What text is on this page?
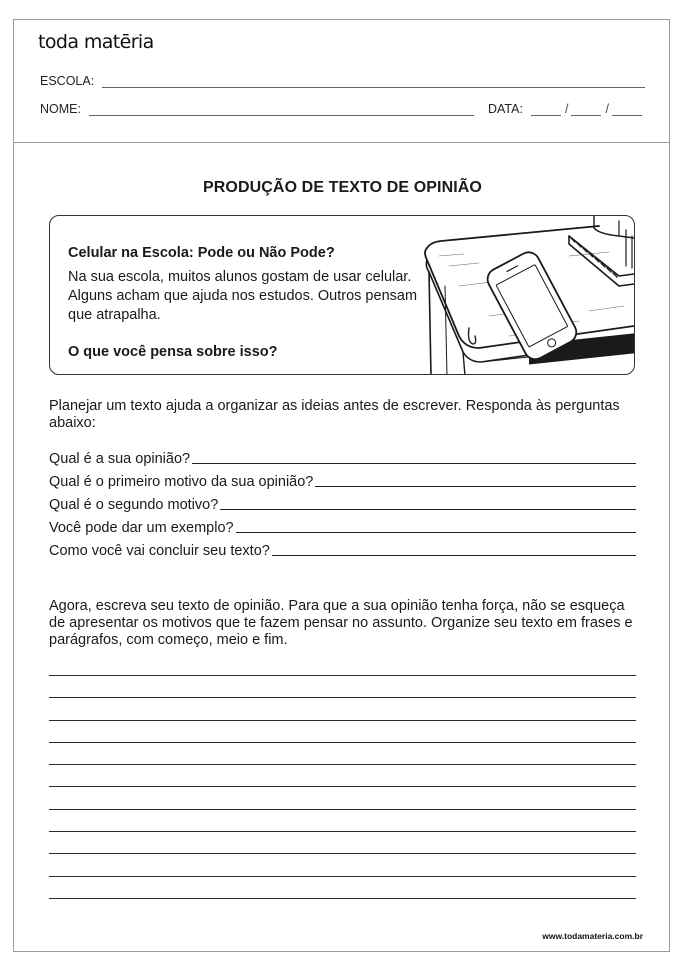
toda matēria
ESCOLA:
NOME:	DATA:	/	/
PRODUÇÃO DE TEXTO DE OPINIÃO
Celular na Escola: Pode ou Não Pode?
Na sua escola, muitos alunos gostam de usar celular. Alguns acham que ajuda nos estudos. Outros pensam que atrapalha.
O que você pensa sobre isso?
Planejar um texto ajuda a organizar as ideias antes de escrever. Responda às perguntas abaixo:
Qual é a sua opinião?
Qual é o primeiro motivo da sua opinião?
Qual é o segundo motivo?
Você pode dar um exemplo?
Como você vai concluir seu texto?
Agora, escreva seu texto de opinião. Para que a sua opinião tenha força, não se esqueça de apresentar os motivos que te fazem pensar no assunto. Organize seu texto em frases e parágrafos, com começo, meio e fim.
www.todamateria.com.br
